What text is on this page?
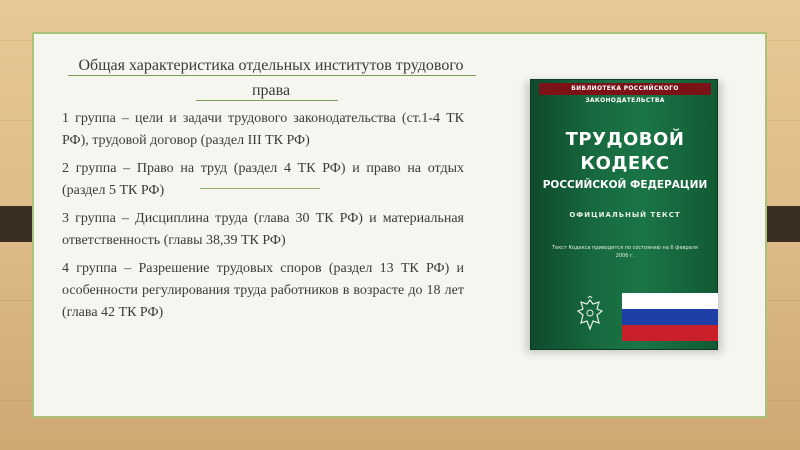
Общая характеристика отдельных институтов трудового права

1 группа – цели и задачи трудового законодательства (ст.1-4 ТК РФ), трудовой договор (раздел III ТК РФ)

2 группа – Право на труд (раздел 4 ТК РФ) и право на отдых (раздел 5 ТК РФ)

3 группа – Дисциплина труда (глава 30 ТК РФ) и материальная ответственность (главы 38,39 ТК РФ)

4 группа – Разрешение трудовых споров (раздел 13 ТК РФ) и особенности регулирования труда работников в возрасте до 18 лет (глава 42 ТК РФ)

БИБЛИОТЕКА РОССИЙСКОГО ЗАКОНОДАТЕЛЬСТВА
ТРУДОВОЙ
КОДЕКС
РОССИЙСКОЙ ФЕДЕРАЦИИ
ОФИЦИАЛЬНЫЙ ТЕКСТ
Текст Кодекса приводится по состоянию на 6 февраля 2006 г.
